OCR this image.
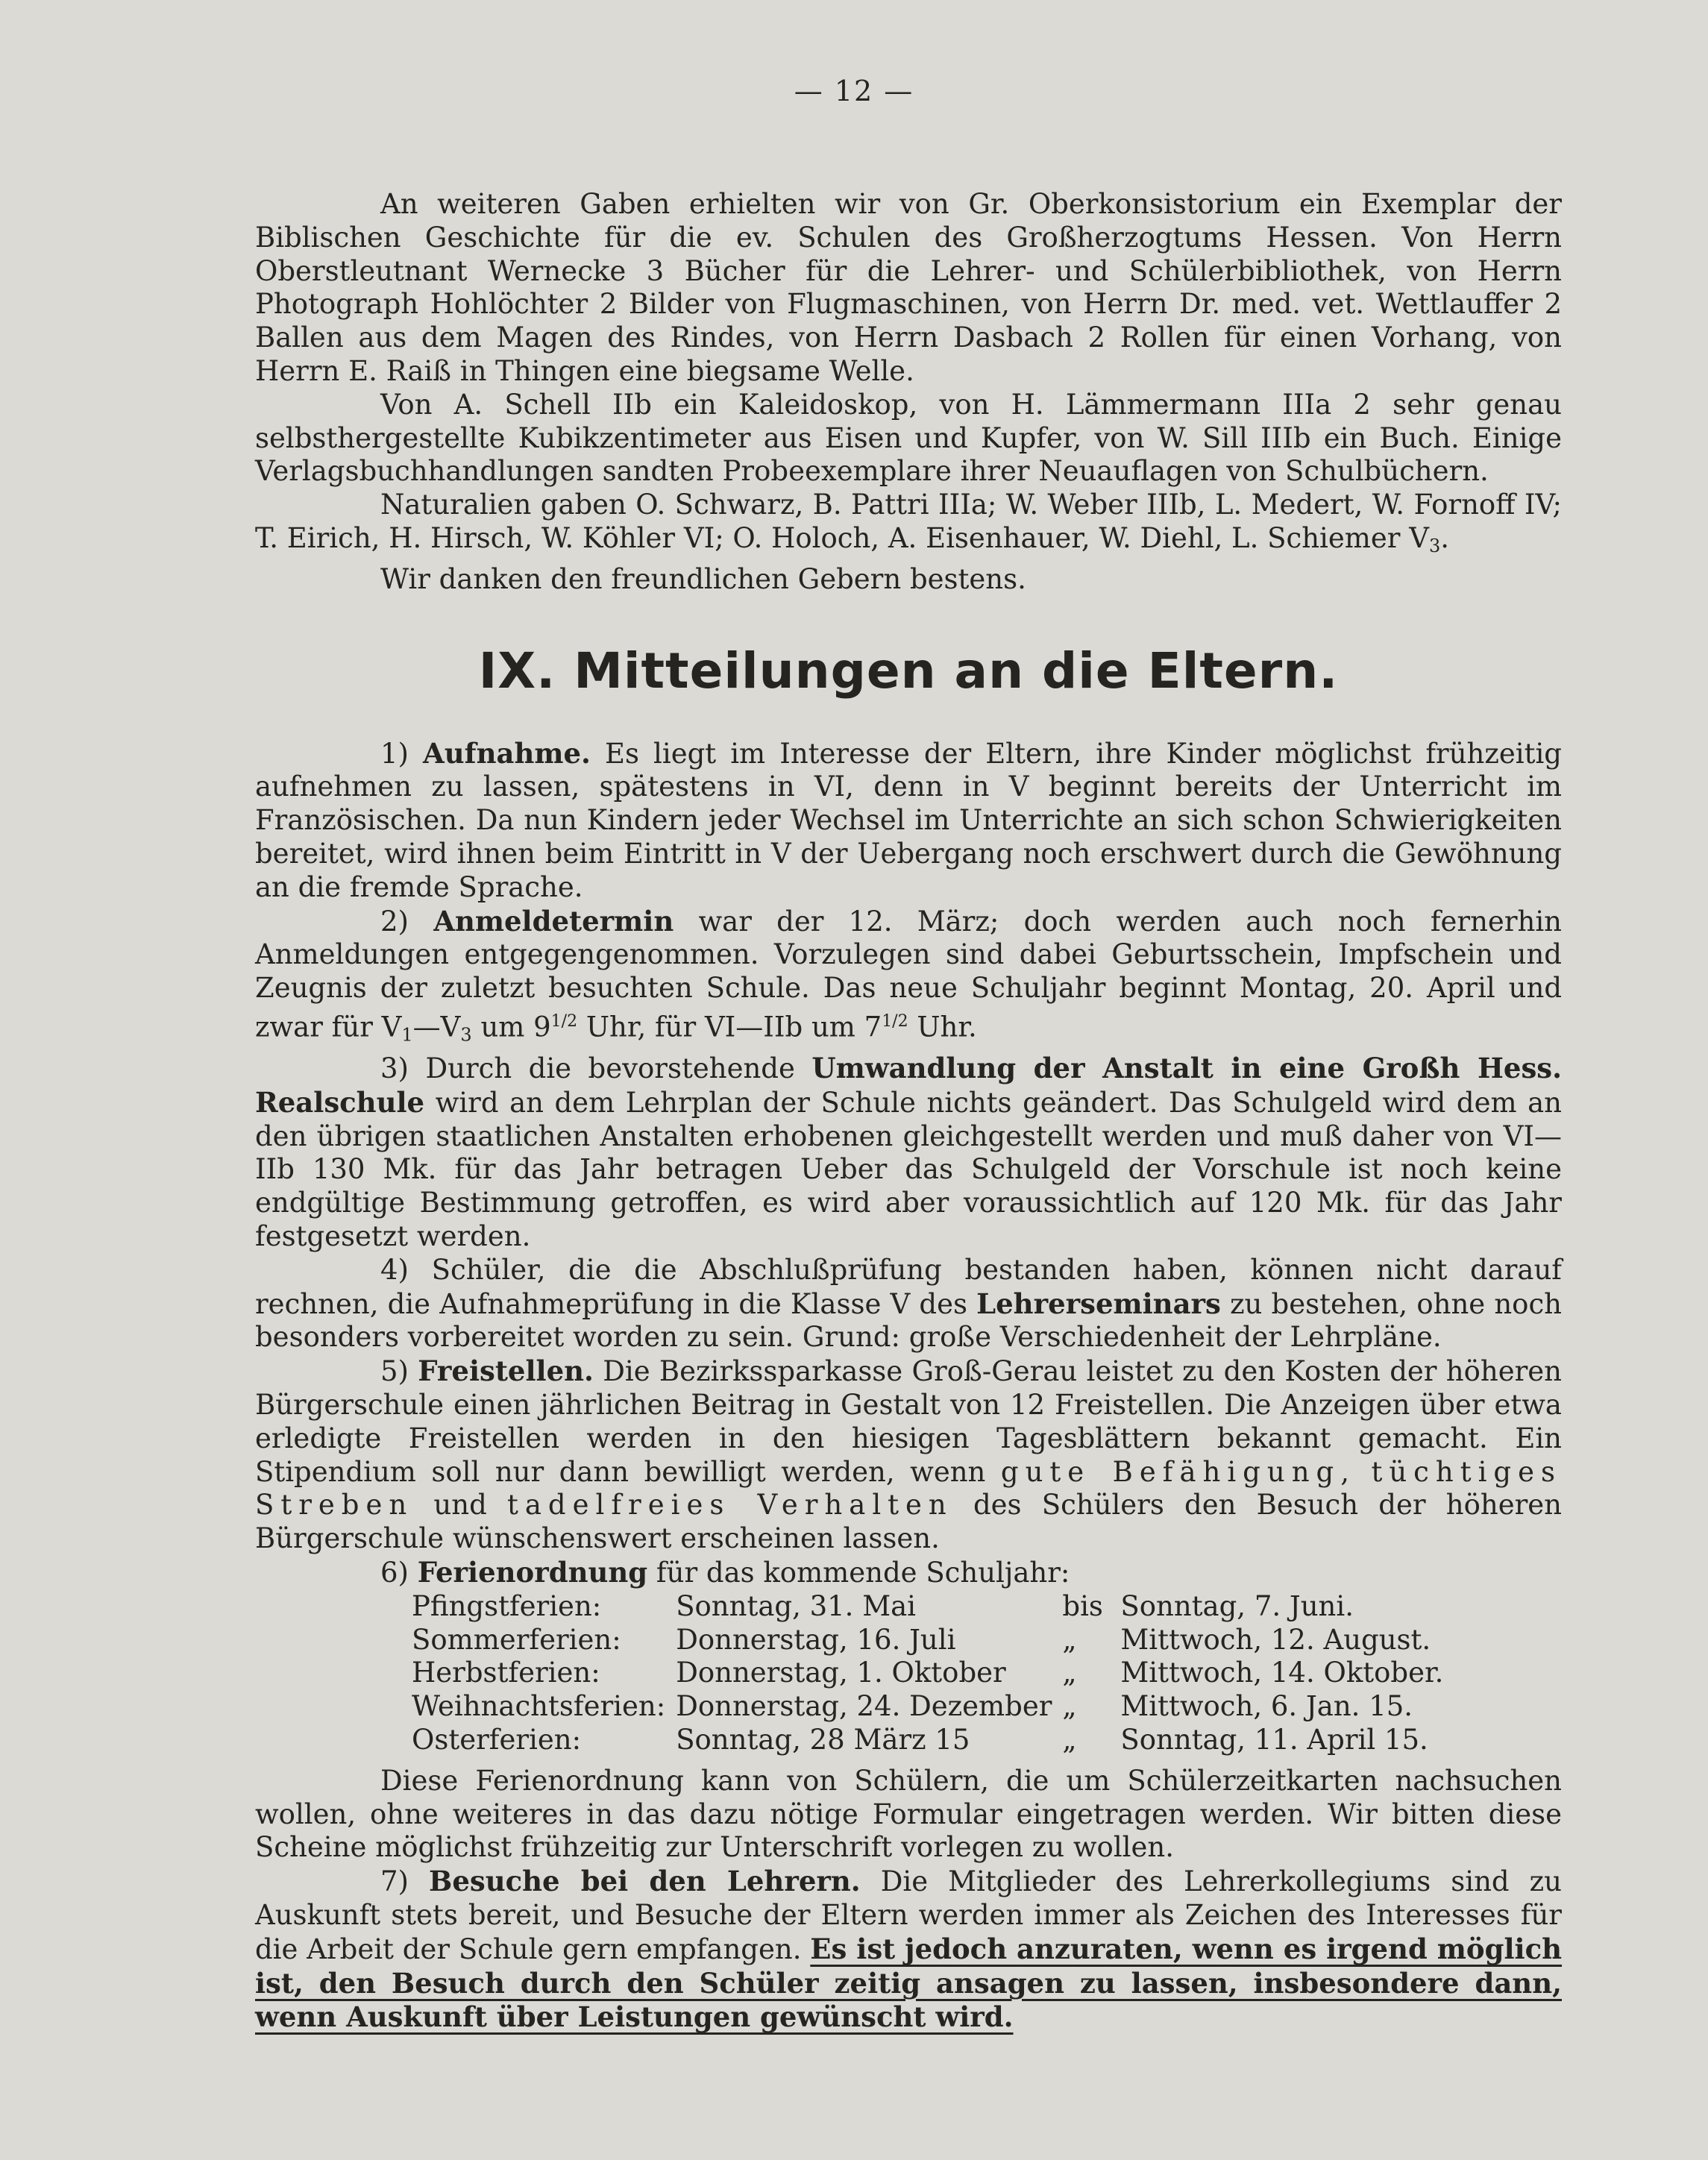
— 12 —

An weiteren Gaben erhielten wir von Gr. Oberkonsistorium ein Exemplar der Biblischen Geschichte für die ev. Schulen des Großherzogtums Hessen. Von Herrn Oberstleutnant Wernecke 3 Bücher für die Lehrer- und Schülerbibliothek, von Herrn Photograph Hohlöchter 2 Bilder von Flugmaschinen, von Herrn Dr. med. vet. Wettlauffer 2 Ballen aus dem Magen des Rindes, von Herrn Dasbach 2 Rollen für einen Vorhang, von Herrn E. Raiß in Thingen eine biegsame Welle.

Von A. Schell IIb ein Kaleidoskop, von H. Lämmermann IIIa 2 sehr genau selbsthergestellte Kubikzentimeter aus Eisen und Kupfer, von W. Sill IIIb ein Buch. Einige Verlagsbuchhandlungen sandten Probeexemplare ihrer Neuauflagen von Schulbüchern.

Naturalien gaben O. Schwarz, B. Pattri IIIa; W. Weber IIIb, L. Medert, W. Fornoff IV; T. Eirich, H. Hirsch, W. Köhler VI; O. Holoch, A. Eisenhauer, W. Diehl, L. Schiemer $V_3$.

Wir danken den freundlichen Gebern bestens.

IX. Mitteilungen an die Eltern.

1) Aufnahme. Es liegt im Interesse der Eltern, ihre Kinder möglichst frühzeitig aufnehmen zu lassen, spätestens in VI, denn in V beginnt bereits der Unterricht im Französischen. Da nun Kindern jeder Wechsel im Unterrichte an sich schon Schwierigkeiten bereitet, wird ihnen beim Eintritt in V der Uebergang noch erschwert durch die Gewöhnung an die fremde Sprache.

2) Anmeldetermin war der 12. März; doch werden auch noch fernerhin Anmeldungen entgegengenommen. Vorzulegen sind dabei Geburtsschein, Impfschein und Zeugnis der zuletzt besuchten Schule. Das neue Schuljahr beginnt Montag, 20. April und zwar für $V_1—V_3$ um $9^{1/2}$ Uhr, für VI—IIb um $7^{1/2}$ Uhr.

3) Durch die bevorstehende Umwandlung der Anstalt in eine Großh Hess. Realschule wird an dem Lehrplan der Schule nichts geändert. Das Schulgeld wird dem an den übrigen staatlichen Anstalten erhobenen gleichgestellt werden und muß daher von VI—IIb 130 Mk. für das Jahr betragen Ueber das Schulgeld der Vorschule ist noch keine endgültige Bestimmung getroffen, es wird aber voraussichtlich auf 120 Mk. für das Jahr festgesetzt werden.

4) Schüler, die die Abschlußprüfung bestanden haben, können nicht darauf rechnen, die Aufnahmeprüfung in die Klasse V des Lehrerseminars zu bestehen, ohne noch besonders vorbereitet worden zu sein. Grund: große Verschiedenheit der Lehrpläne.

5) Freistellen. Die Bezirkssparkasse Groß-Gerau leistet zu den Kosten der höheren Bürgerschule einen jährlichen Beitrag in Gestalt von 12 Freistellen. Die Anzeigen über etwa erledigte Freistellen werden in den hiesigen Tagesblättern bekannt gemacht. Ein Stipendium soll nur dann bewilligt werden, wenn gute Befähigung, tüchtiges Streben und tadelfreies Verhalten des Schülers den Besuch der höheren Bürgerschule wünschenswert erscheinen lassen.

6) Ferienordnung für das kommende Schuljahr:

Pfingstferien:	Sonntag, 31. Mai	bis	Sonntag, 7. Juni.
Sommerferien:	Donnerstag, 16. Juli	„	Mittwoch, 12. August.
Herbstferien:	Donnerstag, 1. Oktober	„	Mittwoch, 14. Oktober.
Weihnachtsferien:	Donnerstag, 24. Dezember	„	Mittwoch, 6. Jan. 15.
Osterferien:	Sonntag, 28 März 15	„	Sonntag, 11. April 15.

Diese Ferienordnung kann von Schülern, die um Schülerzeitkarten nachsuchen wollen, ohne weiteres in das dazu nötige Formular eingetragen werden. Wir bitten diese Scheine möglichst frühzeitig zur Unterschrift vorlegen zu wollen.

7) Besuche bei den Lehrern. Die Mitglieder des Lehrerkollegiums sind zu Auskunft stets bereit, und Besuche der Eltern werden immer als Zeichen des Interesses für die Arbeit der Schule gern empfangen. Es ist jedoch anzuraten, wenn es irgend möglich ist, den Besuch durch den Schüler zeitig ansagen zu lassen, insbesondere dann, wenn Auskunft über Leistungen gewünscht wird.
